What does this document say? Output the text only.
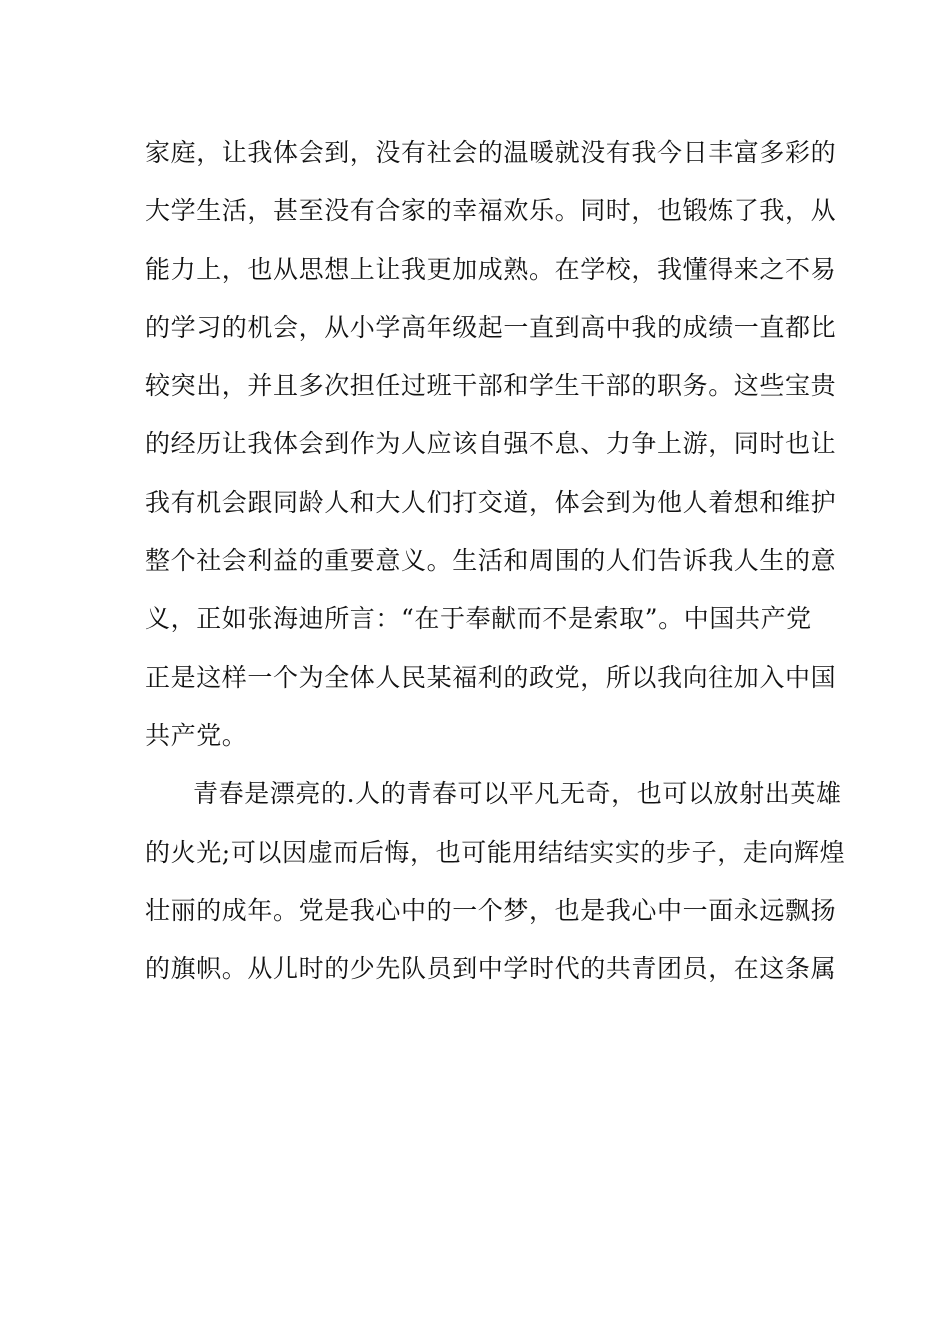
家庭，让我体会到，没有社会的温暖就没有我今日丰富多彩的
大学生活，甚至没有合家的幸福欢乐。同时，也锻炼了我，从
能力上，也从思想上让我更加成熟。在学校，我懂得来之不易
的学习的机会，从小学高年级起一直到高中我的成绩一直都比
较突出，并且多次担任过班干部和学生干部的职务。这些宝贵
的经历让我体会到作为人应该自强不息、力争上游，同时也让
我有机会跟同龄人和大人们打交道，体会到为他人着想和维护
整个社会利益的重要意义。生活和周围的人们告诉我人生的意
义，正如张海迪所言：“在于奉献而不是索取”。中国共产党
正是这样一个为全体人民某福利的政党，所以我向往加入中国
共产党。
青春是漂亮的.人的青春可以平凡无奇，也可以放射出英雄
的火光;可以因虚而后悔，也可能用结结实实的步子，走向辉煌
壮丽的成年。党是我心中的一个梦，也是我心中一面永远飘扬
的旗帜。从儿时的少先队员到中学时代的共青团员，在这条属
